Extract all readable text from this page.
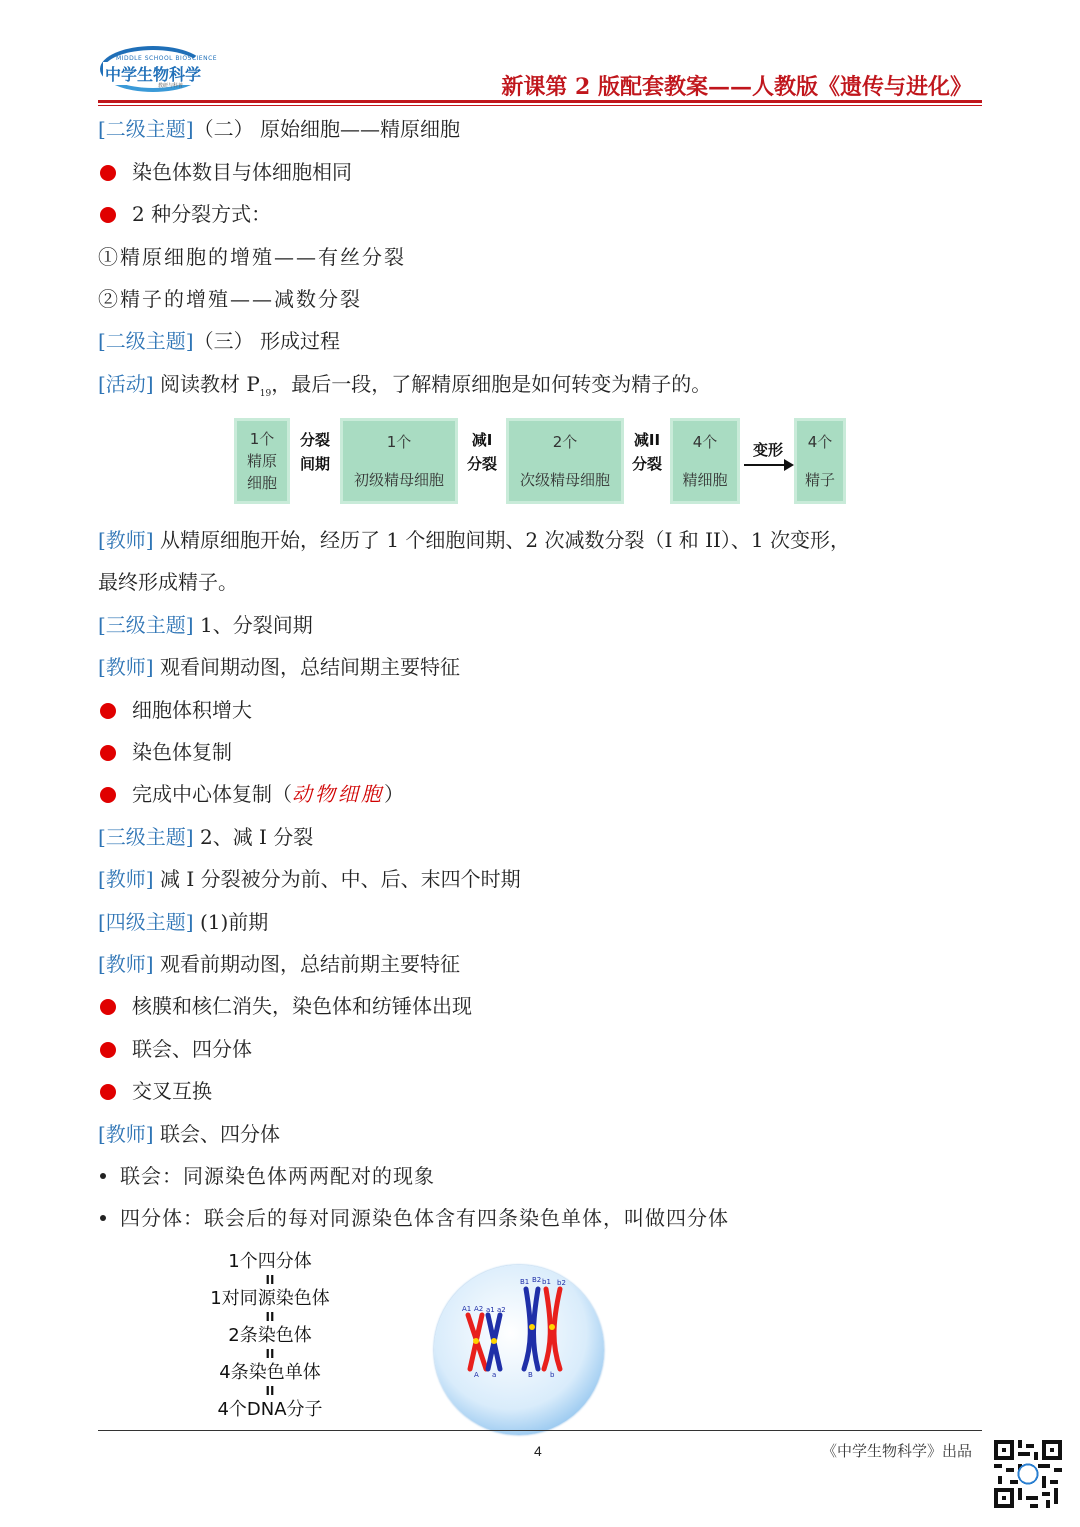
MIDDLE SCHOOL BIOSCIENCE
中学生物科学
教研与科普	新课第 2 版配套教案——人教版《遗传与进化》
[二级主题]（二） 原始细胞——精原细胞
染色体数目与体细胞相同
2 种分裂方式：
①精原细胞的增殖——有丝分裂
②精子的增殖——减数分裂
[二级主题]（三） 形成过程
[活动] 阅读教材 $P_{19}$，最后一段，了解精原细胞是如何转变为精子的。
1个
精原
细胞
分裂
间期
1个
初级精母细胞
减I
分裂
2个
次级精母细胞
减II
分裂
4个
精细胞
变形	4个
精子
[教师] 从精原细胞开始，经历了 1 个细胞间期、2 次减数分裂（I 和 II）、1 次变形，
最终形成精子。
[三级主题] 1、分裂间期
[教师] 观看间期动图，总结间期主要特征
细胞体积增大
染色体复制
完成中心体复制（动物细胞）
[三级主题] 2、减 I 分裂
[教师] 减 I 分裂被分为前、中、后、末四个时期
[四级主题] (1)前期
[教师] 观看前期动图，总结前期主要特征
核膜和核仁消失，染色体和纺锤体出现
联会、四分体
交叉互换
[教师] 联会、四分体
联会：同源染色体两两配对的现象
四分体：联会后的每对同源染色体含有四条染色单体，叫做四分体
1个四分体
II
1对同源染色体
II
2条染色体
II
4条染色单体
II
4个DNA分子
A1 A2 a1 a2
A a
B1 B2 b1 b2
B b
4	《中学生物科学》出品
